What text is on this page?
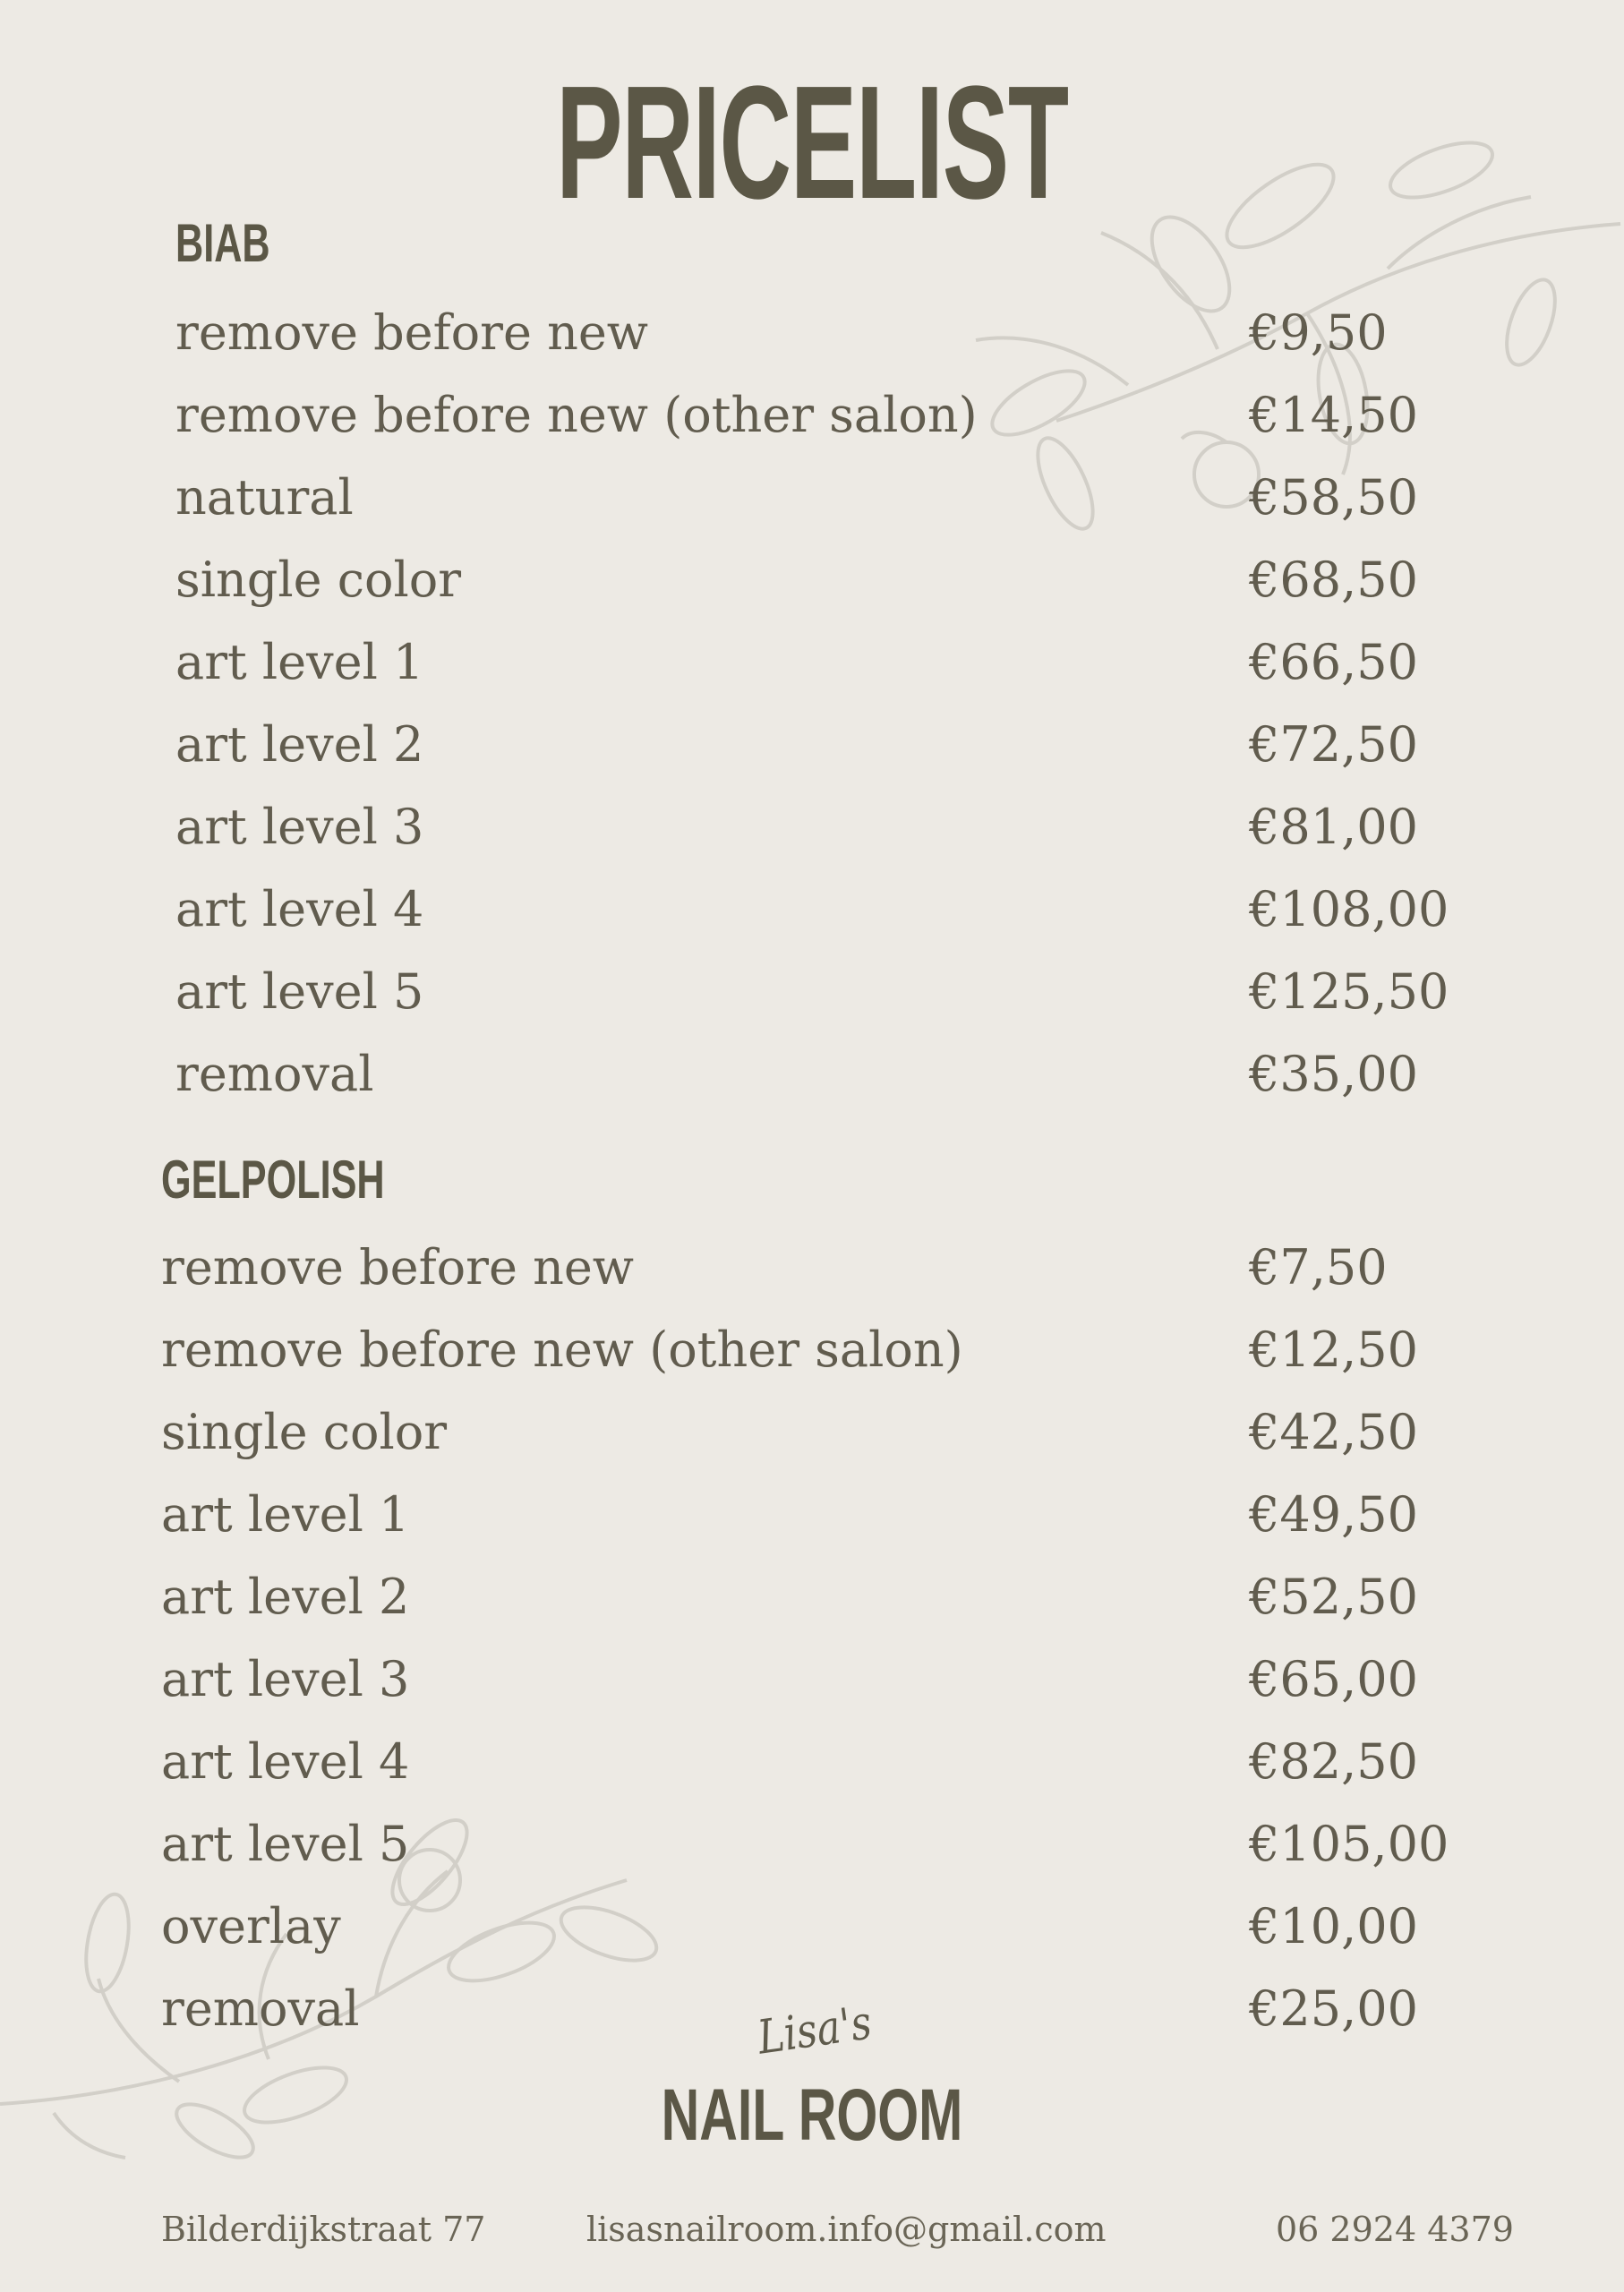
PRICELIST
BIAB
remove before new	€9,50
remove before new (other salon)	€14,50
natural	€58,50
single color	€68,50
art level 1	€66,50
art level 2	€72,50
art level 3	€81,00
art level 4	€108,00
art level 5	€125,50
removal	€35,00
GELPOLISH
remove before new	€7,50
remove before new (other salon)	€12,50
single color	€42,50
art level 1	€49,50
art level 2	€52,50
art level 3	€65,00
art level 4	€82,50
art level 5	€105,00
overlay	€10,00
removal	€25,00
Lisa's
NAIL ROOM
Bilderdijkstraat 77	lisasnailroom.info@gmail.com	06 2924 4379
